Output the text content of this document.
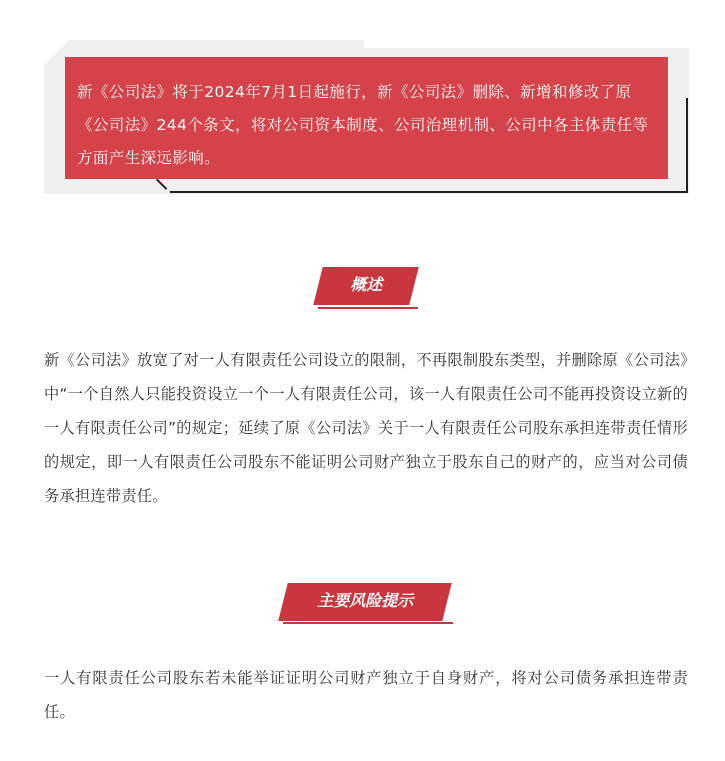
新《公司法》将于2024年7月1日起施行，新《公司法》删除、新增和修改了原《公司法》244个条文，将对公司资本制度、公司治理机制、公司中各主体责任等方面产生深远影响。
概述
新《公司法》放宽了对一人有限责任公司设立的限制，不再限制股东类型，并删除原《公司法》中“一个自然人只能投资设立一个一人有限责任公司，该一人有限责任公司不能再投资设立新的一人有限责任公司”的规定；延续了原《公司法》关于一人有限责任公司股东承担连带责任情形的规定，即一人有限责任公司股东不能证明公司财产独立于股东自己的财产的，应当对公司债务承担连带责任。
主要风险提示
一人有限责任公司股东若未能举证证明公司财产独立于自身财产，将对公司债务承担连带责任。
